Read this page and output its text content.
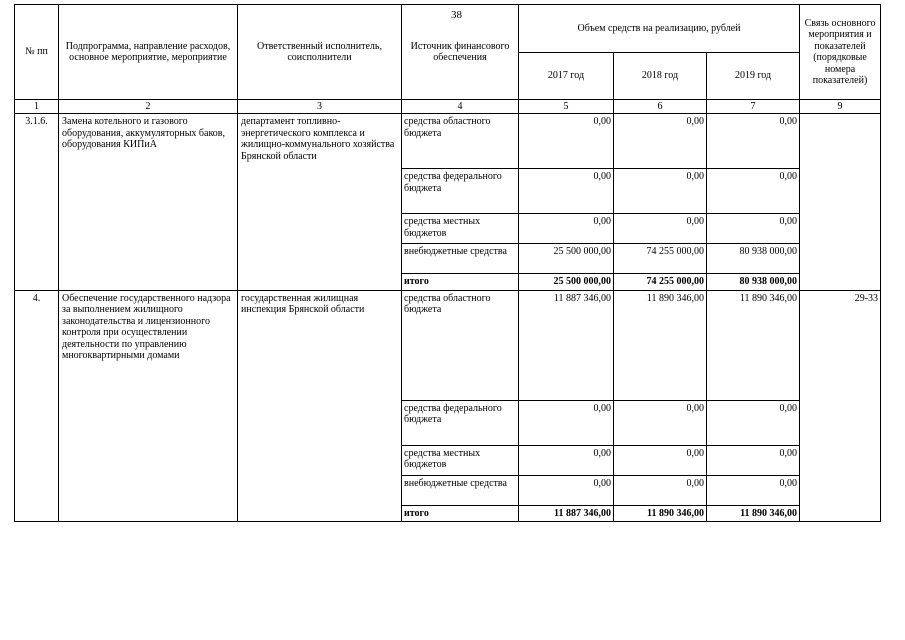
38
№ пп	Подпрограмма, направление расходов, основное мероприятие, мероприятие	Ответственный исполнитель, соисполнители	Источник финансового обеспечения	Объем средств на реализацию, рублей			Связь основного мероприятия и показателей (порядковые номера показателей)
				2017 год	2018 год	2019 год	
1	2	3	4	5	6	7	9
3.1.6.	Замена котельного и газового оборудования, аккумуляторных баков, оборудования КИПиА	департамент топливно-энергетического комплекса и жилищно-коммунального хозяйства Брянской области	средства областного бюджета	0,00	0,00	0,00	
			средства федерального бюджета	0,00	0,00	0,00	
			средства местных бюджетов	0,00	0,00	0,00	
			внебюджетные средства	25 500 000,00	74 255 000,00	80 938 000,00	
			итого	25 500 000,00	74 255 000,00	80 938 000,00	
4.	Обеспечение государственного надзора за выполнением жилищного законодательства и лицензионного контроля при осуществлении деятельности по управлению многоквартирными домами	государственная жилищная инспекция Брянской области	средства областного бюджета	11 887 346,00	11 890 346,00	11 890 346,00	29-33
			средства федерального бюджета	0,00	0,00	0,00	
			средства местных бюджетов	0,00	0,00	0,00	
			внебюджетные средства	0,00	0,00	0,00	
			итого	11 887 346,00	11 890 346,00	11 890 346,00	
